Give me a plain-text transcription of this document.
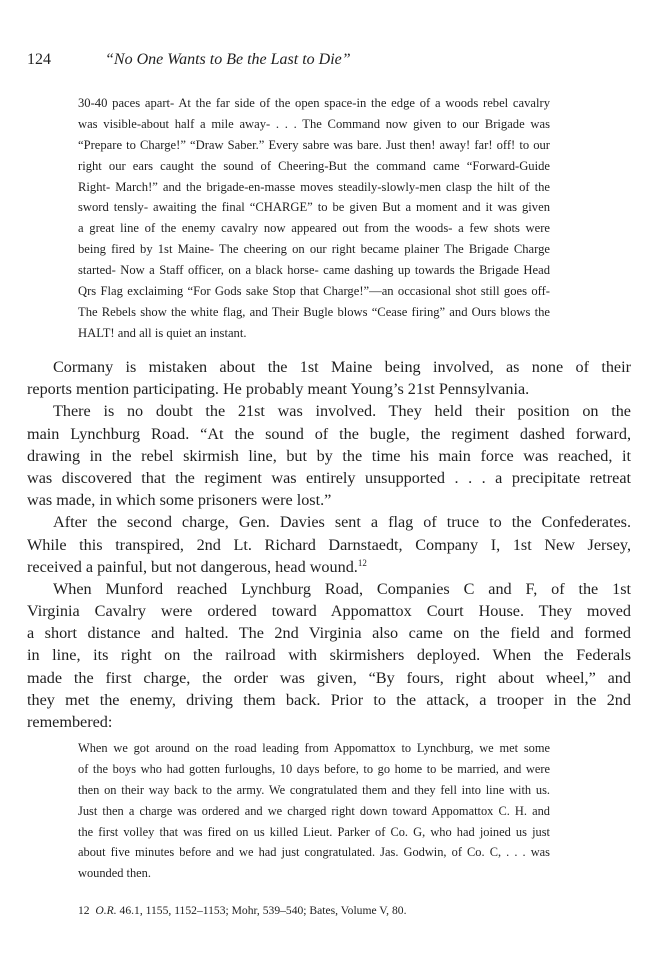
124	“No One Wants to Be the Last to Die”
30-40 paces apart- At the far side of the open space-in the edge of a woods rebel cavalry
was visible-about half a mile away- . . . The Command now given to our Brigade was
“Prepare to Charge!” “Draw Saber.” Every sabre was bare. Just then! away! far! off! to our
right our ears caught the sound of Cheering-But the command came “Forward-Guide
Right- March!” and the brigade-en-masse moves steadily-slowly-men clasp the hilt of the
sword tensly- awaiting the final “CHARGE” to be given But a moment and it was given
a great line of the enemy cavalry now appeared out from the woods- a few shots were
being fired by 1st Maine- The cheering on our right became plainer The Brigade Charge
started- Now a Staff officer, on a black horse- came dashing up towards the Brigade Head
Qrs Flag exclaiming “For Gods sake Stop that Charge!”—an occasional shot still goes off-
The Rebels show the white flag, and Their Bugle blows “Cease firing” and Ours blows the
HALT! and all is quiet an instant.
Cormany is mistaken about the 1st Maine being involved, as none of their
reports mention participating. He probably meant Young’s 21st Pennsylvania.
There is no doubt the 21st was involved. They held their position on the
main Lynchburg Road. “At the sound of the bugle, the regiment dashed forward,
drawing in the rebel skirmish line, but by the time his main force was reached, it
was discovered that the regiment was entirely unsupported . . . a precipitate retreat
was made, in which some prisoners were lost.”
After the second charge, Gen. Davies sent a flag of truce to the Confederates.
While this transpired, 2nd Lt. Richard Darnstaedt, Company I, 1st New Jersey,
received a painful, but not dangerous, head wound.$^{12}$
When Munford reached Lynchburg Road, Companies C and F, of the 1st
Virginia Cavalry were ordered toward Appomattox Court House. They moved
a short distance and halted. The 2nd Virginia also came on the field and formed
in line, its right on the railroad with skirmishers deployed. When the Federals
made the first charge, the order was given, “By fours, right about wheel,” and
they met the enemy, driving them back. Prior to the attack, a trooper in the 2nd
remembered:
When we got around on the road leading from Appomattox to Lynchburg, we met some
of the boys who had gotten furloughs, 10 days before, to go home to be married, and were
then on their way back to the army. We congratulated them and they fell into line with us.
Just then a charge was ordered and we charged right down toward Appomattox C. H. and
the first volley that was fired on us killed Lieut. Parker of Co. G, who had joined us just
about five minutes before and we had just congratulated. Jas. Godwin, of Co. C, . . . was
wounded then.
12 O.R. 46.1, 1155, 1152–1153; Mohr, 539–540; Bates, Volume V, 80.
